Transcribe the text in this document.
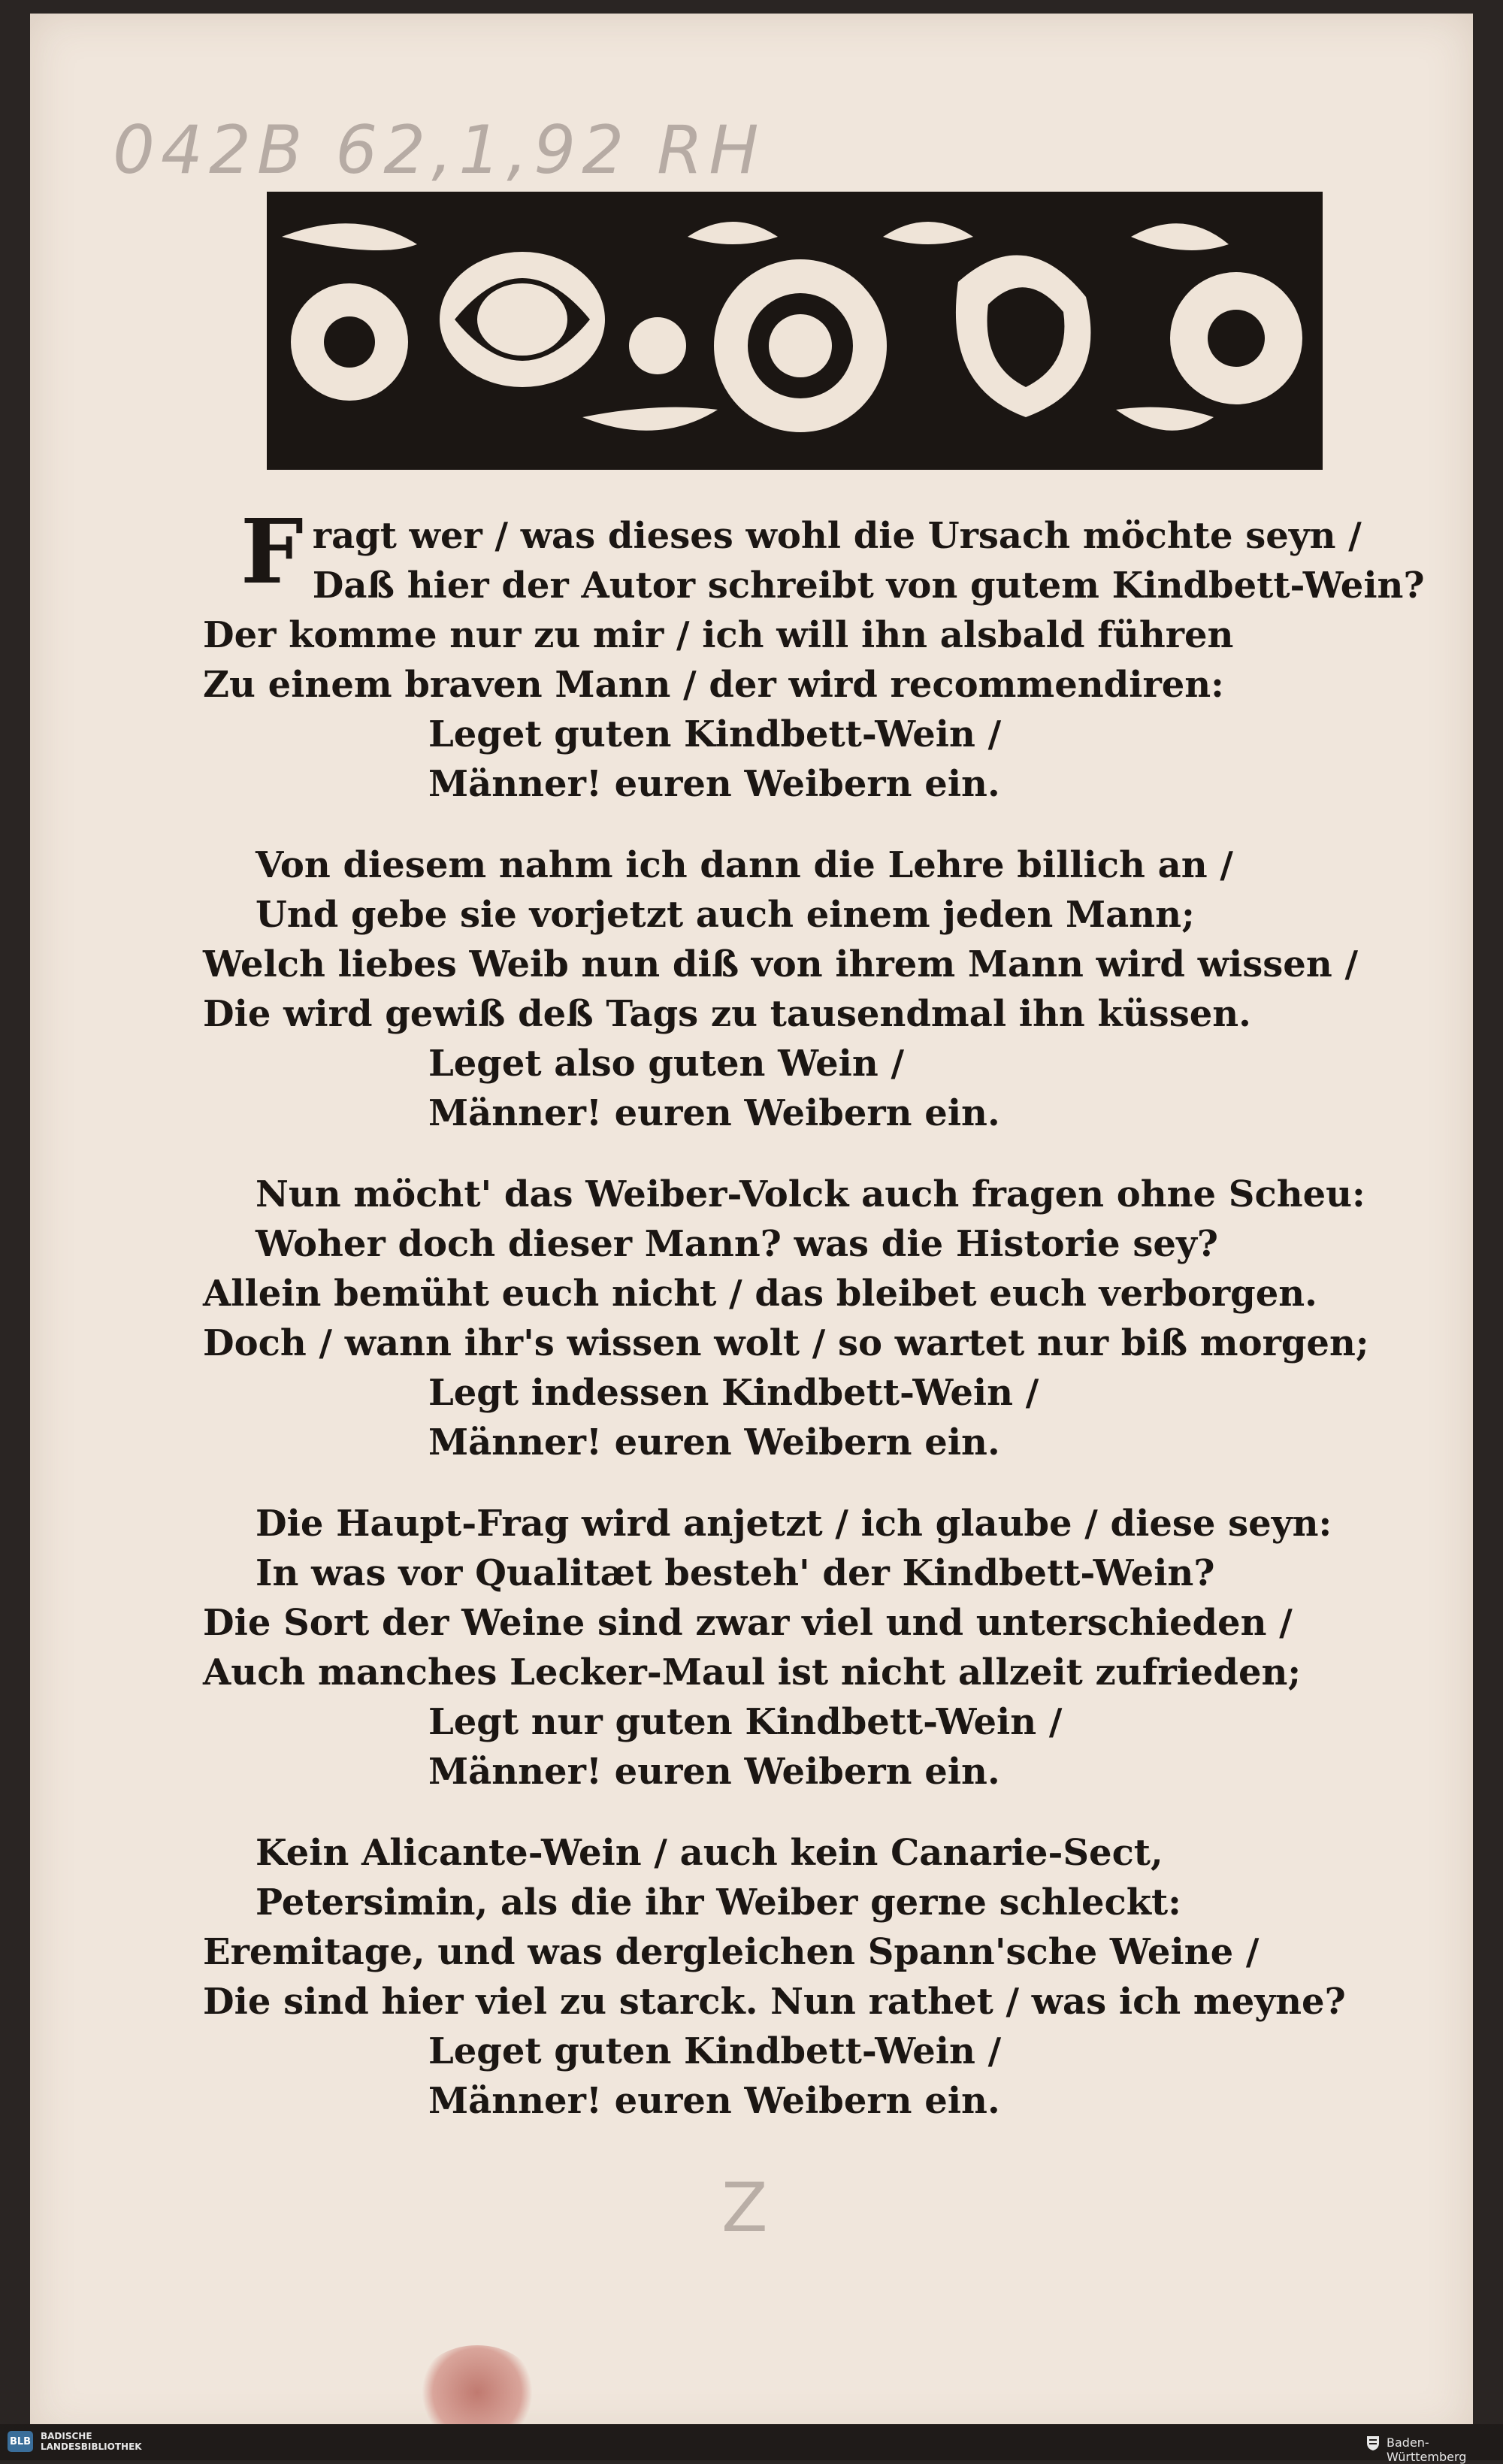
042B 62,1,92 RH
F ragt wer / was dieses wohl die Ursach möchte seyn /
Daß hier der Autor schreibt von gutem Kindbett-Wein?
Der komme nur zu mir / ich will ihn alsbald führen
Zu einem braven Mann / der wird recommendiren:
Leget guten Kindbett-Wein /
Männer! euren Weibern ein.
Von diesem nahm ich dann die Lehre billich an /
Und gebe sie vorjetzt auch einem jeden Mann;
Welch liebes Weib nun diß von ihrem Mann wird wissen /
Die wird gewiß deß Tags zu tausendmal ihn küssen.
Leget also guten Wein /
Männer! euren Weibern ein.
Nun möcht' das Weiber-Volck auch fragen ohne Scheu:
Woher doch dieser Mann? was die Historie sey?
Allein bemüht euch nicht / das bleibet euch verborgen.
Doch / wann ihr's wissen wolt / so wartet nur biß morgen;
Legt indessen Kindbett-Wein /
Männer! euren Weibern ein.
Die Haupt-Frag wird anjetzt / ich glaube / diese seyn:
In was vor Qualitæt besteh' der Kindbett-Wein?
Die Sort der Weine sind zwar viel und unterschieden /
Auch manches Lecker-Maul ist nicht allzeit zufrieden;
Legt nur guten Kindbett-Wein /
Männer! euren Weibern ein.
Kein Alicante-Wein / auch kein Canarie-Sect,
Petersimin, als die ihr Weiber gerne schleckt:
Eremitage, und was dergleichen Spann'sche Weine /
Die sind hier viel zu starck. Nun rathet / was ich meyne?
Leget guten Kindbett-Wein /
Männer! euren Weibern ein.
Z
BLB BADISCHE
LANDESBIBLIOTHEK	Baden-Württemberg
